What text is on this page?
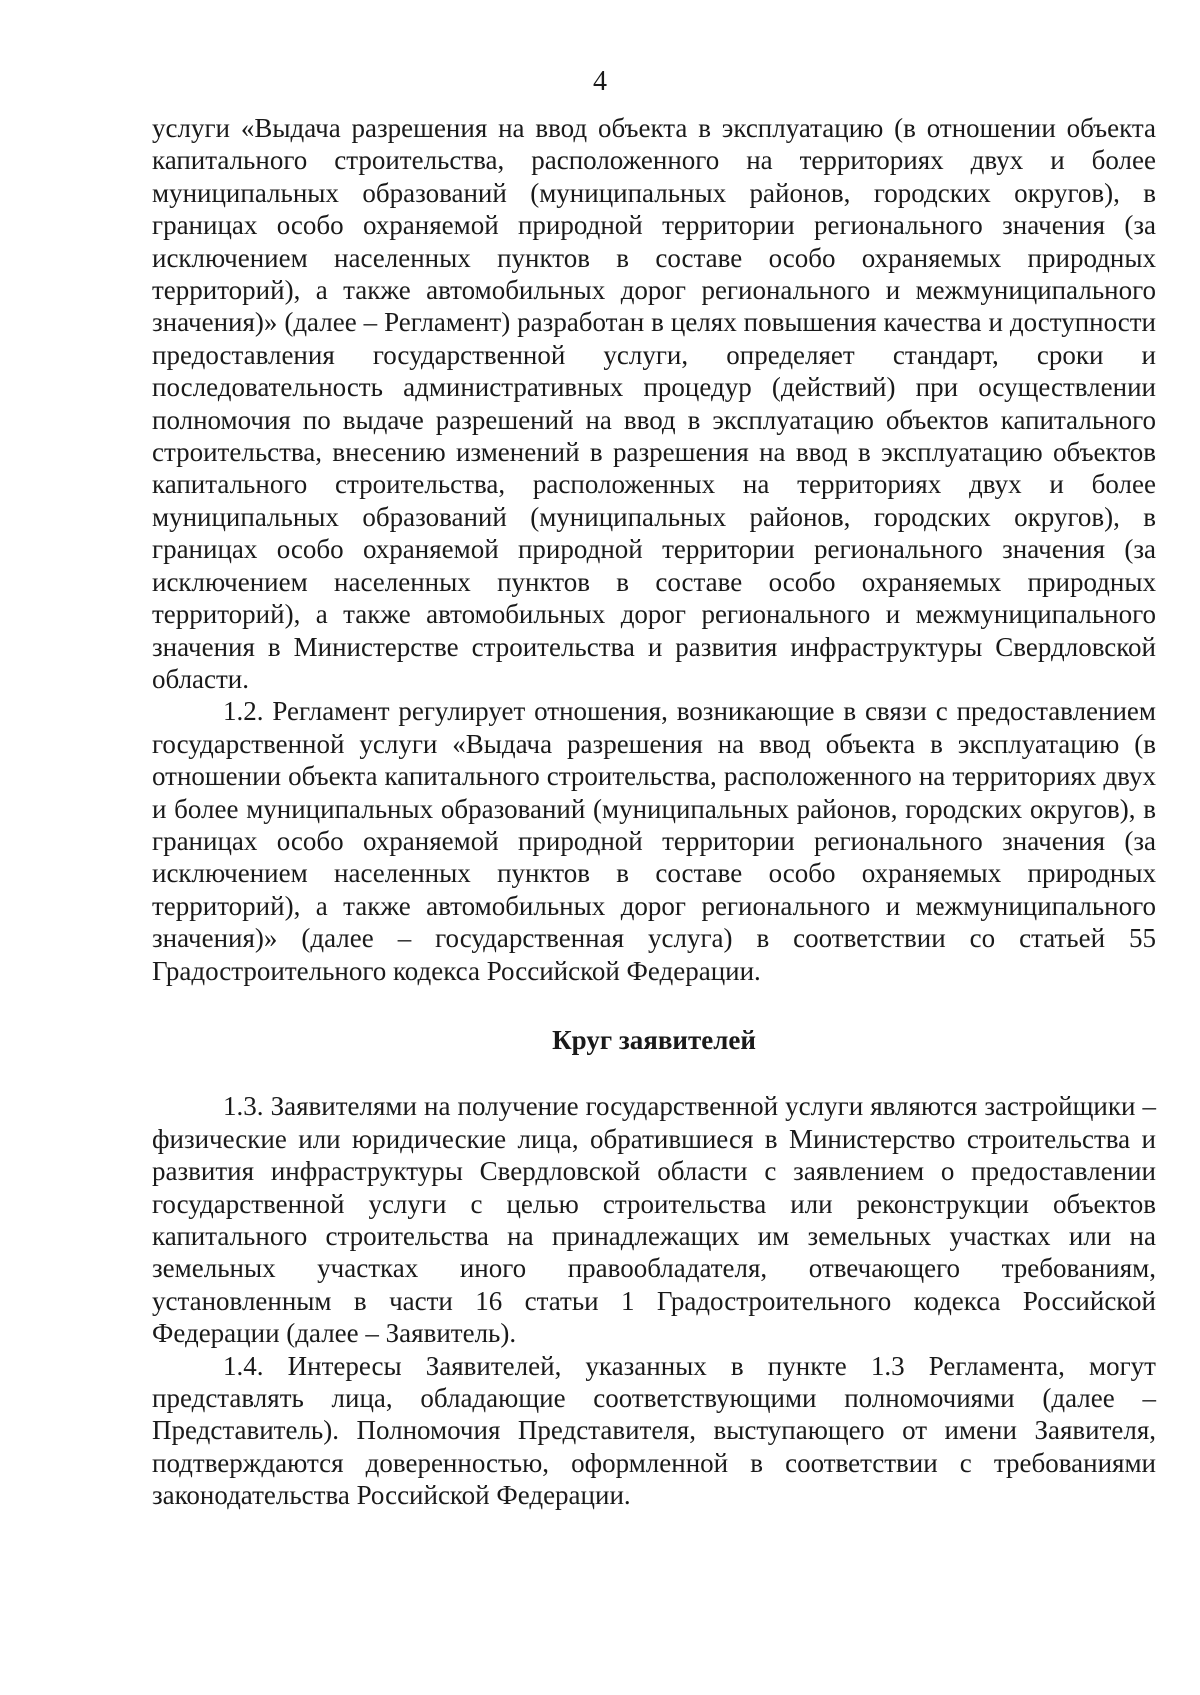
4

услуги «Выдача разрешения на ввод объекта в эксплуатацию (в отношении объекта капитального строительства, расположенного на территориях двух и более муниципальных образований (муниципальных районов, городских округов), в границах особо охраняемой природной территории регионального значения (за исключением населенных пунктов в составе особо охраняемых природных территорий), а также автомобильных дорог регионального и межмуниципального значения)» (далее – Регламент) разработан в целях повышения качества и доступности предоставления государственной услуги, определяет стандарт, сроки и последовательность административных процедур (действий) при осуществлении полномочия по выдаче разрешений на ввод в эксплуатацию объектов капитального строительства, внесению изменений в разрешения на ввод в эксплуатацию объектов капитального строительства, расположенных на территориях двух и более муниципальных образований (муниципальных районов, городских округов), в границах особо охраняемой природной территории регионального значения (за исключением населенных пунктов в составе особо охраняемых природных территорий), а также автомобильных дорог регионального и межмуниципального значения в Министерстве строительства и развития инфраструктуры Свердловской области.

1.2. Регламент регулирует отношения, возникающие в связи с предоставлением государственной услуги «Выдача разрешения на ввод объекта в эксплуатацию (в отношении объекта капитального строительства, расположенного на территориях двух и более муниципальных образований (муниципальных районов, городских округов), в границах особо охраняемой природной территории регионального значения (за исключением населенных пунктов в составе особо охраняемых природных территорий), а также автомобильных дорог регионального и межмуниципального значения)» (далее – государственная услуга) в соответствии со статьей 55 Градостроительного кодекса Российской Федерации.

Круг заявителей

1.3. Заявителями на получение государственной услуги являются застройщики – физические или юридические лица, обратившиеся в Министерство строительства и развития инфраструктуры Свердловской области с заявлением о предоставлении государственной услуги с целью строительства или реконструкции объектов капитального строительства на принадлежащих им земельных участках или на земельных участках иного правообладателя, отвечающего требованиям, установленным в части 16 статьи 1 Градостроительного кодекса Российской Федерации (далее – Заявитель).

1.4. Интересы Заявителей, указанных в пункте 1.3 Регламента, могут представлять лица, обладающие соответствующими полномочиями (далее – Представитель). Полномочия Представителя, выступающего от имени Заявителя, подтверждаются доверенностью, оформленной в соответствии с требованиями законодательства Российской Федерации.
